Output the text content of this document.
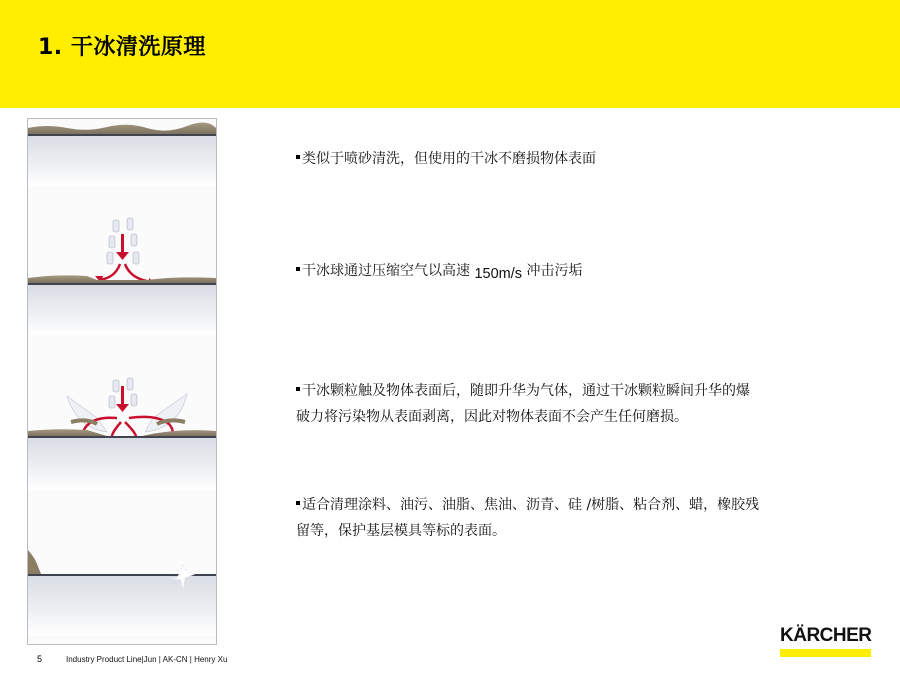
1. 干冰清洗原理
类似于喷砂清洗，但使用的干冰不磨损物体表面
干冰球通过压缩空气以高速 150m/s 冲击污垢
干冰颗粒触及物体表面后，随即升华为气体，通过干冰颗粒瞬间升华的爆
破力将污染物从表面剥离，因此对物体表面不会产生任何磨损。
适合清理涂料、油污、油脂、焦油、沥青、硅 /树脂、粘合剂、蜡，橡胶残
留等，保护基层模具等标的表面。
5	Industry Product Line|Jun | AK-CN | Henry Xu
KÄRCHER
